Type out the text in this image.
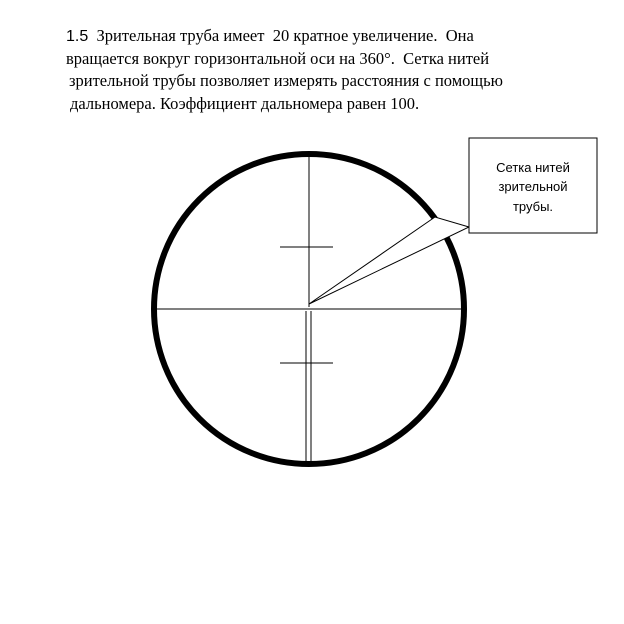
1.5 Зрительная труба имеет  20 кратное увеличение.  Она
вращается вокруг горизонтальной оси на 360°.  Сетка нитей
зрительной трубы позволяет измерять расстояния с помощью
дальномера. Коэффициент дальномера равен 100.
Сетка нитей
зрительной
трубы.
